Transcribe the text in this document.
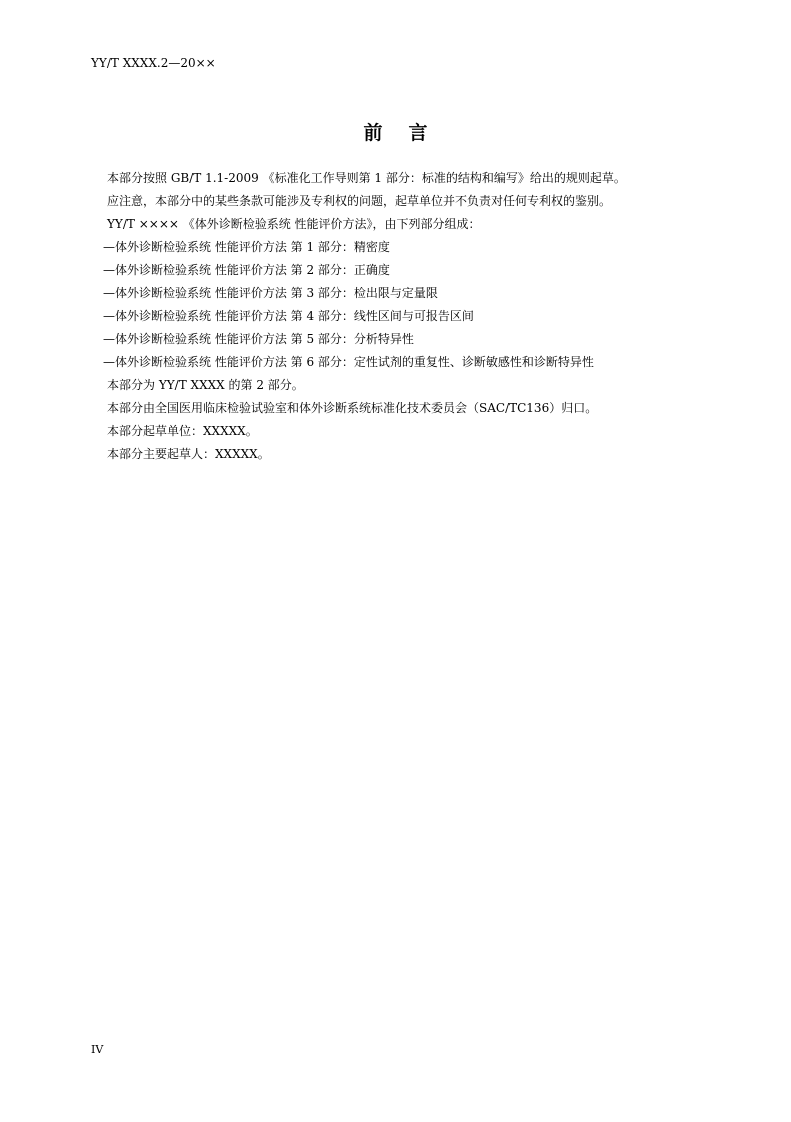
YY/T XXXX.2—20××
前言
本部分按照 GB/T 1.1-2009 《标准化工作导则第 1 部分：标准的结构和编写》给出的规则起草。
应注意，本部分中的某些条款可能涉及专利权的问题，起草单位并不负责对任何专利权的鉴别。
YY/T ×××× 《体外诊断检验系统 性能评价方法》，由下列部分组成：
—体外诊断检验系统 性能评价方法 第 1 部分：精密度
—体外诊断检验系统 性能评价方法 第 2 部分：正确度
—体外诊断检验系统 性能评价方法 第 3 部分：检出限与定量限
—体外诊断检验系统 性能评价方法 第 4 部分：线性区间与可报告区间
—体外诊断检验系统 性能评价方法 第 5 部分：分析特异性
—体外诊断检验系统 性能评价方法 第 6 部分：定性试剂的重复性、诊断敏感性和诊断特异性
本部分为 YY/T XXXX 的第 2 部分。
本部分由全国医用临床检验试验室和体外诊断系统标准化技术委员会（SAC/TC136）归口。
本部分起草单位：XXXXX。
本部分主要起草人：XXXXX。
IV
